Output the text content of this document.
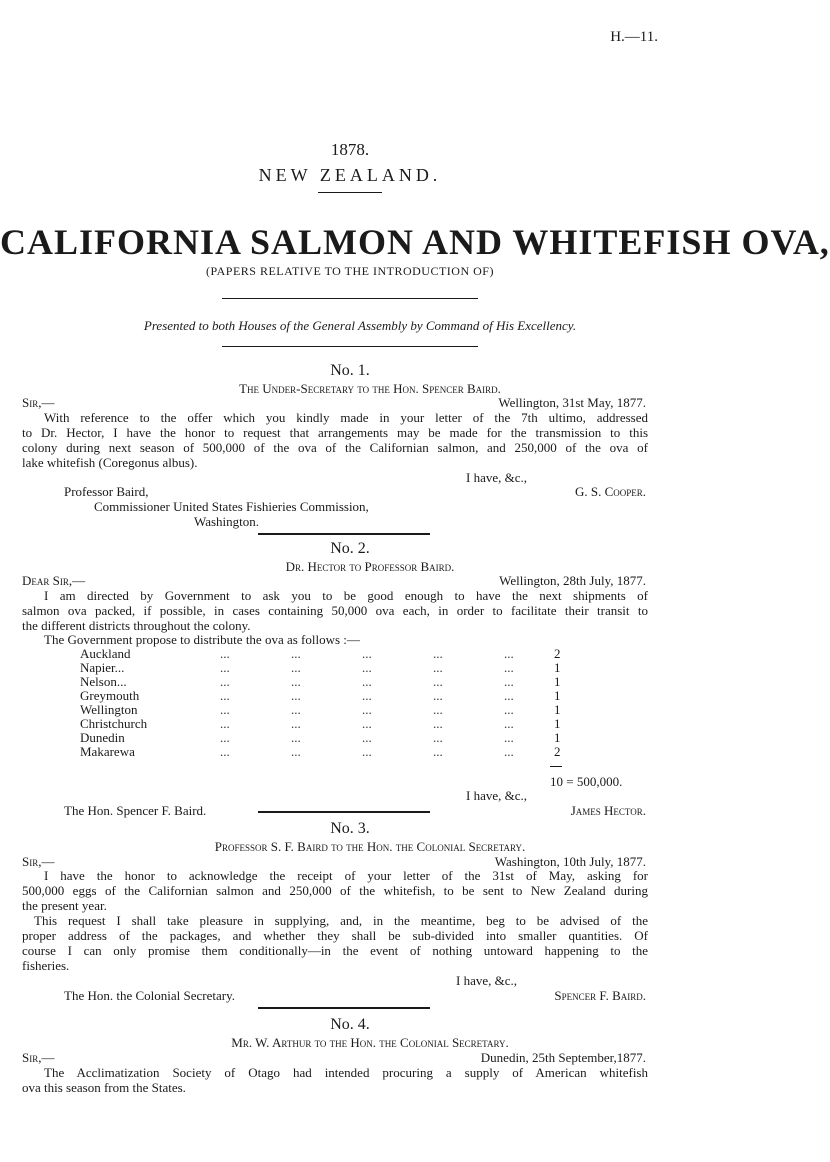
H.—11.
1878.
NEW ZEALAND.
CALIFORNIA SALMON AND WHITEFISH OVA,
(PAPERS RELATIVE TO THE INTRODUCTION OF)
Presented to both Houses of the General Assembly by Command of His Excellency.
No. 1.
The Under-Secretary to the Hon. Spencer Baird.
Sir,—	Wellington, 31st May, 1877.
With reference to the offer which you kindly made in your letter of the 7th ultimo, addressed
to Dr. Hector, I have the honor to request that arrangements may be made for the transmission to this
colony during next season of 500,000 of the ova of the Californian salmon, and 250,000 of the ova of
lake whitefish (Coregonus albus).
I have, &c.,
Professor Baird,	G. S. Cooper.
Commissioner United States Fishieries Commission,
Washington.
No. 2.
Dr. Hector to Professor Baird.
Dear Sir,—	Wellington, 28th July, 1877.
I am directed by Government to ask you to be good enough to have the next shipments of
salmon ova packed, if possible, in cases containing 50,000 ova each, in order to facilitate their transit to
the different districts throughout the colony.
The Government propose to distribute the ova as follows :—
Auckland	... ... ... ... ...	2
Napier...	... ... ... ... ...	1
Nelson...	... ... ... ... ...	1
Greymouth	... ... ... ... ...	1
Wellington	... ... ... ... ...	1
Christchurch	... ... ... ... ...	1
Dunedin	... ... ... ... ...	1
Makarewa	... ... ... ... ...	2
10 = 500,000.
I have, &c.,
The Hon. Spencer F. Baird.	James Hector.
No. 3.
Professor S. F. Baird to the Hon. the Colonial Secretary.
Sir,—	Washington, 10th July, 1877.
I have the honor to acknowledge the receipt of your letter of the 31st of May, asking for
500,000 eggs of the Californian salmon and 250,000 of the whitefish, to be sent to New Zealand during
the present year.
This request I shall take pleasure in supplying, and, in the meantime, beg to be advised of the
proper address of the packages, and whether they shall be sub-divided into smaller quantities. Of
course I can only promise them conditionally—in the event of nothing untoward happening to the
fisheries.
I have, &c.,
The Hon. the Colonial Secretary.	Spencer F. Baird.
No. 4.
Mr. W. Arthur to the Hon. the Colonial Secretary.
Sir,—	Dunedin, 25th September,1877.
The Acclimatization Society of Otago had intended procuring a supply of American whitefish
ova this season from the States.
